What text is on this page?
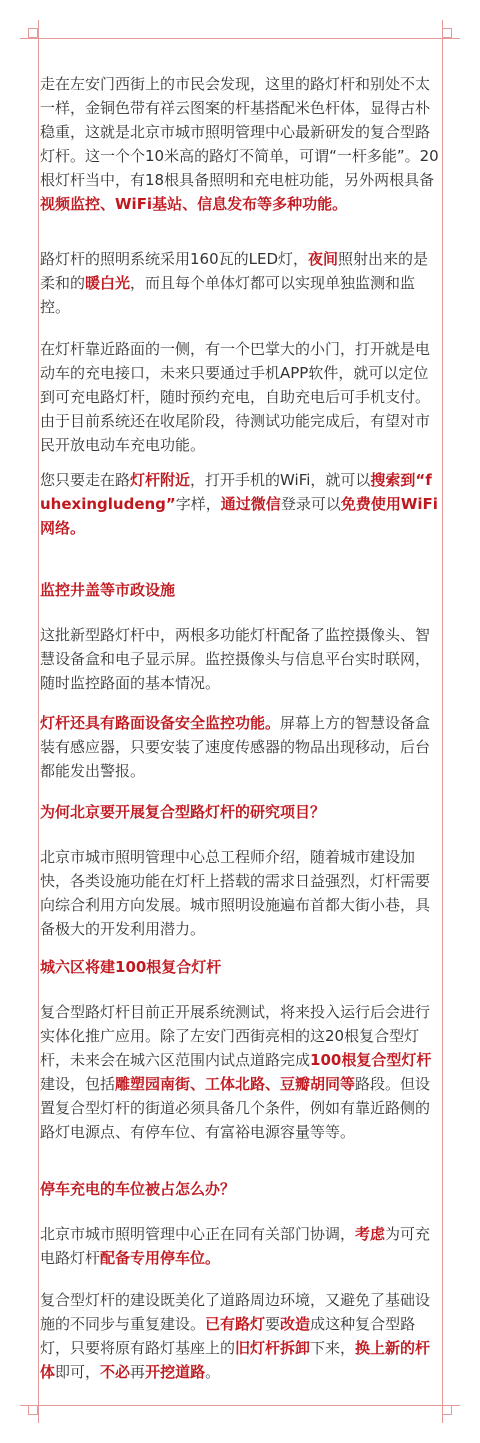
走在左安门西街上的市民会发现，这里的路灯杆和别处不太一样，金铜色带有祥云图案的杆基搭配米色杆体，显得古朴稳重，这就是北京市城市照明管理中心最新研发的复合型路灯杆。这一个个10米高的路灯不简单，可谓“一杆多能”。20根灯杆当中，有18根具备照明和充电桩功能，另外两根具备视频监控、WiFi基站、信息发布等多种功能。

路灯杆的照明系统采用160瓦的LED灯，夜间照射出来的是柔和的暖白光，而且每个单体灯都可以实现单独监测和监控。

在灯杆靠近路面的一侧，有一个巴掌大的小门，打开就是电动车的充电接口，未来只要通过手机APP软件，就可以定位到可充电路灯杆，随时预约充电，自助充电后可手机支付。由于目前系统还在收尾阶段，待测试功能完成后，有望对市民开放电动车充电功能。

您只要走在路灯杆附近，打开手机的WiFi，就可以搜索到“fuhexingludeng”字样，通过微信登录可以免费使用WiFi网络。

监控井盖等市政设施

这批新型路灯杆中，两根多功能灯杆配备了监控摄像头、智慧设备盒和电子显示屏。监控摄像头与信息平台实时联网，随时监控路面的基本情况。

灯杆还具有路面设备安全监控功能。屏幕上方的智慧设备盒装有感应器，只要安装了速度传感器的物品出现移动，后台都能发出警报。

为何北京要开展复合型路灯杆的研究项目？

北京市城市照明管理中心总工程师介绍，随着城市建设加快，各类设施功能在灯杆上搭载的需求日益强烈，灯杆需要向综合利用方向发展。城市照明设施遍布首都大街小巷，具备极大的开发利用潜力。

城六区将建100根复合灯杆

复合型路灯杆目前正开展系统测试，将来投入运行后会进行实体化推广应用。除了左安门西街亮相的这20根复合型灯杆，未来会在城六区范围内试点道路完成100根复合型灯杆建设，包括雕塑园南街、工体北路、豆瓣胡同等路段。但设置复合型灯杆的街道必须具备几个条件，例如有靠近路侧的路灯电源点、有停车位、有富裕电源容量等等。

停车充电的车位被占怎么办？

北京市城市照明管理中心正在同有关部门协调，考虑为可充电路灯杆配备专用停车位。

复合型灯杆的建设既美化了道路周边环境，又避免了基础设施的不同步与重复建设。已有路灯要改造成这种复合型路灯，只要将原有路灯基座上的旧灯杆拆卸下来，换上新的杆体即可，不必再开挖道路。
